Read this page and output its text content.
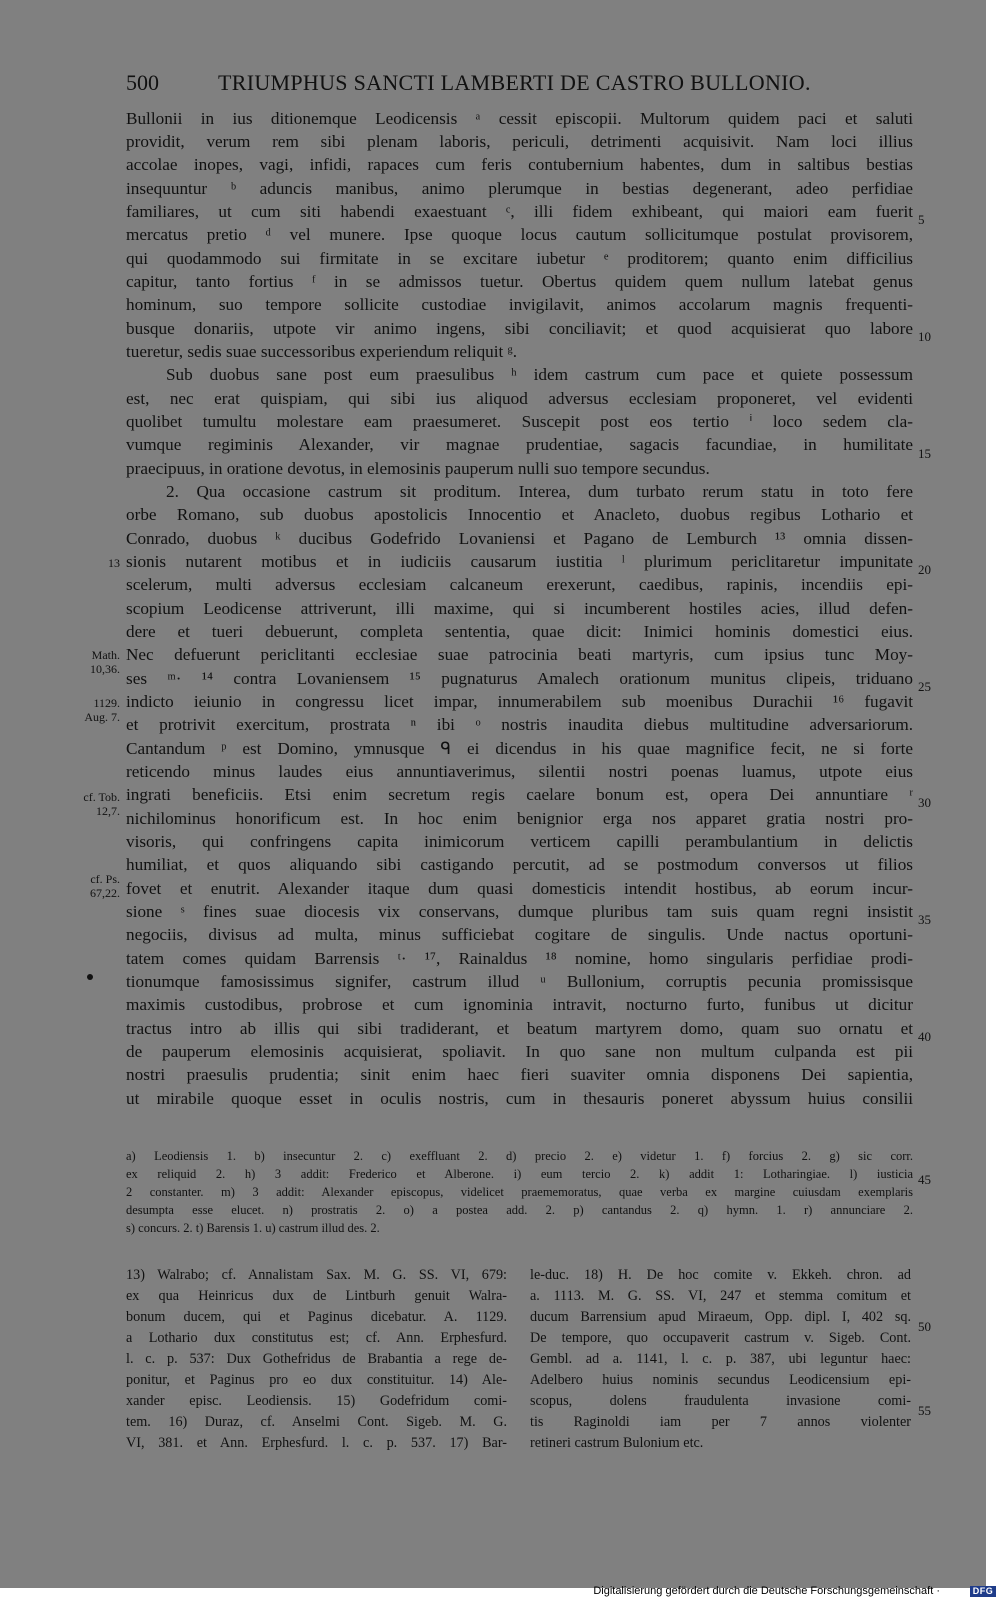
500	TRIUMPHUS SANCTI LAMBERTI DE CASTRO BULLONIO.
Bullonii in ius ditionemque Leodicensis ᵃ cessit episcopii. Multorum quidem paci et saluti
providit, verum rem sibi plenam laboris, periculi, detrimenti acquisivit. Nam loci illius
accolae inopes, vagi, infidi, rapaces cum feris contubernium habentes, dum in saltibus bestias
insequuntur ᵇ aduncis manibus, animo plerumque in bestias degenerant, adeo perfidiae
familiares, ut cum siti habendi exaestuant ᶜ, illi fidem exhibeant, qui maiori eam fuerit
mercatus pretio ᵈ vel munere. Ipse quoque locus cautum sollicitumque postulat provisorem,
qui quodammodo sui firmitate in se excitare iubetur ᵉ proditorem; quanto enim difficilius
capitur, tanto fortius ᶠ in se admissos tuetur. Obertus quidem quem nullum latebat genus
hominum, suo tempore sollicite custodiae invigilavit, animos accolarum magnis frequenti-
busque donariis, utpote vir animo ingens, sibi conciliavit; et quod acquisierat quo labore
tueretur, sedis suae successoribus experiendum reliquit ᵍ.
Sub duobus sane post eum praesulibus ʰ idem castrum cum pace et quiete possessum
est, nec erat quispiam, qui sibi ius aliquod adversus ecclesiam proponeret, vel evidenti
quolibet tumultu molestare eam praesumeret. Suscepit post eos tertio ⁱ loco sedem cla-
vumque regiminis Alexander, vir magnae prudentiae, sagacis facundiae, in humilitate
praecipuus, in oratione devotus, in elemosinis pauperum nulli suo tempore secundus.
2. Qua occasione castrum sit proditum. Interea, dum turbato rerum statu in toto fere
orbe Romano, sub duobus apostolicis Innocentio et Anacleto, duobus regibus Lothario et
Conrado, duobus ᵏ ducibus Godefrido Lovaniensi et Pagano de Lemburch ¹³ omnia dissen-
sionis nutarent motibus et in iudiciis causarum iustitia ˡ plurimum periclitaretur impunitate
scelerum, multi adversus ecclesiam calcaneum erexerunt, caedibus, rapinis, incendiis epi-
scopium Leodicense attriverunt, illi maxime, qui si incumberent hostiles acies, illud defen-
dere et tueri debuerunt, completa sententia, quae dicit: Inimici hominis domestici eius.
Nec defuerunt periclitanti ecclesiae suae patrocinia beati martyris, cum ipsius tunc Moy-
ses ᵐ· ¹⁴ contra Lovaniensem ¹⁵ pugnaturus Amalech orationum munitus clipeis, triduano
indicto ieiunio in congressu licet impar, innumerabilem sub moenibus Durachii ¹⁶ fugavit
et protrivit exercitum, prostrata ⁿ ibi ᵒ nostris inaudita diebus multitudine adversariorum.
Cantandum ᵖ est Domino, ymnusque ᑫ ei dicendus in his quae magnifice fecit, ne si forte
reticendo minus laudes eius annuntiaverimus, silentii nostri poenas luamus, utpote eius
ingrati beneficiis. Etsi enim secretum regis caelare bonum est, opera Dei annuntiare ʳ
nichilominus honorificum est. In hoc enim benignior erga nos apparet gratia nostri pro-
visoris, qui confringens capita inimicorum verticem capilli perambulantium in delictis
humiliat, et quos aliquando sibi castigando percutit, ad se postmodum conversos ut filios
fovet et enutrit. Alexander itaque dum quasi domesticis intendit hostibus, ab eorum incur-
sione ˢ fines suae diocesis vix conservans, dumque pluribus tam suis quam regni insistit
negociis, divisus ad multa, minus sufficiebat cogitare de singulis. Unde nactus oportuni-
tatem comes quidam Barrensis ᵗ· ¹⁷, Rainaldus ¹⁸ nomine, homo singularis perfidiae prodi-
tionumque famosissimus signifer, castrum illud ᵘ Bullonium, corruptis pecunia promissisque
maximis custodibus, probrose et cum ignominia intravit, nocturno furto, funibus ut dicitur
tractus intro ab illis qui sibi tradiderant, et beatum martyrem domo, quam suo ornatu et
de pauperum elemosinis acquisierat, spoliavit. In quo sane non multum culpanda est pii
nostri praesulis prudentia; sinit enim haec fieri suaviter omnia disponens Dei sapientia,
ut mirabile quoque esset in oculis nostris, cum in thesauris poneret abyssum huius consilii
13
Math. 10,36.
1129.
Aug. 7.
cf. Tob. 12,7.
cf. Ps. 67,22.
5
10
15
20
25
30
35
40
45
50
55
a) Leodiensis 1. b) insecuntur 2. c) exeffluant 2. d) precio 2. e) videtur 1. f) forcius 2. g) sic corr.
ex reliquid 2. h) 3 addit: Frederico et Alberone. i) eum tercio 2. k) addit 1: Lotharingiae. l) iusticia
2 constanter. m) 3 addit: Alexander episcopus, videlicet praememoratus, quae verba ex margine cuiusdam exemplaris
desumpta esse elucet. n) prostratis 2. o) a postea add. 2. p) cantandus 2. q) hymn. 1. r) annunciare 2.
s) concurs. 2. t) Barensis 1. u) castrum illud des. 2.
13) Walrabo; cf. Annalistam Sax. M. G. SS. VI, 679:
ex qua Heinricus dux de Lintburh genuit Walra-
bonum ducem, qui et Paginus dicebatur. A. 1129.
a Lothario dux constitutus est; cf. Ann. Erphesfurd.
l. c. p. 537: Dux Gothefridus de Brabantia a rege de-
ponitur, et Paginus pro eo dux constituitur. 14) Ale-
xander episc. Leodiensis. 15) Godefridum comi-
tem. 16) Duraz, cf. Anselmi Cont. Sigeb. M. G.
VI, 381. et Ann. Erphesfurd. l. c. p. 537. 17) Bar-
le-duc. 18) H. De hoc comite v. Ekkeh. chron. ad
a. 1113. M. G. SS. VI, 247 et stemma comitum et
ducum Barrensium apud Miraeum, Opp. dipl. I, 402 sq.
De tempore, quo occupaverit castrum v. Sigeb. Cont.
Gembl. ad a. 1141, l. c. p. 387, ubi leguntur haec:
Adelbero huius nominis secundus Leodicensium epi-
scopus, dolens fraudulenta invasione comi-
tis Raginoldi iam per 7 annos violenter
retineri castrum Bulonium etc.
Digitalisierung gefördert durch die Deutsche Forschungsgemeinschaft ·	DFG
